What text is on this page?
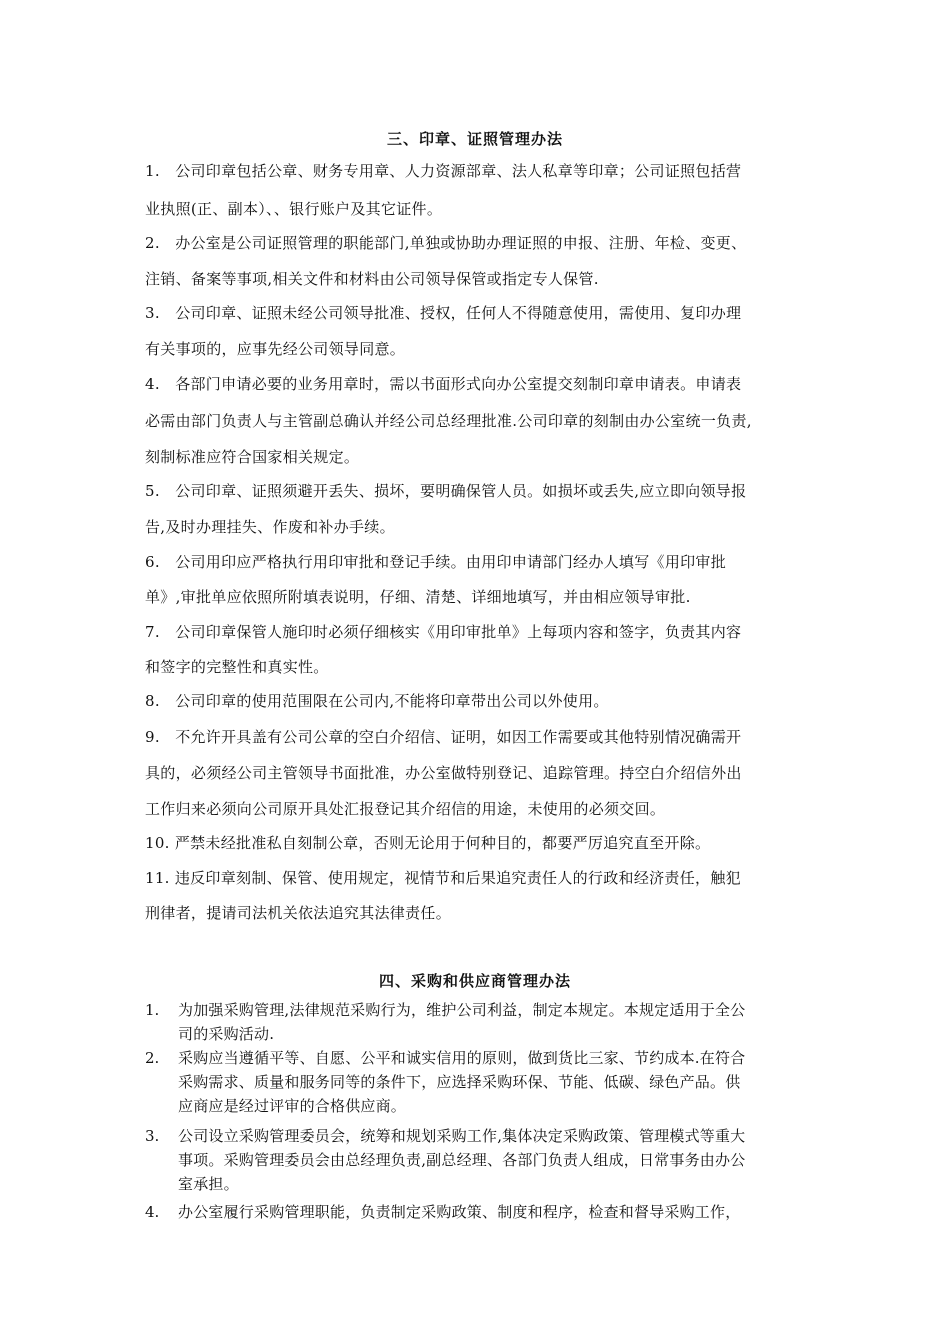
三、印章、证照管理办法
1.　公司印章包括公章、财务专用章、人力资源部章、法人私章等印章；公司证照包括营
业执照(正、副本）、、银行账户及其它证件。
2.　办公室是公司证照管理的职能部门,单独或协助办理证照的申报、注册、年检、变更、
注销、备案等事项,相关文件和材料由公司领导保管或指定专人保管.
3.　公司印章、证照未经公司领导批准、授权，任何人不得随意使用，需使用、复印办理
有关事项的，应事先经公司领导同意。
4.　各部门申请必要的业务用章时，需以书面形式向办公室提交刻制印章申请表。申请表
必需由部门负责人与主管副总确认并经公司总经理批准.公司印章的刻制由办公室统一负责,
刻制标准应符合国家相关规定。
5.　公司印章、证照须避开丢失、损坏，要明确保管人员。如损坏或丢失,应立即向领导报
告,及时办理挂失、作废和补办手续。
6.　公司用印应严格执行用印审批和登记手续。由用印申请部门经办人填写《用印审批
单》,审批单应依照所附填表说明，仔细、清楚、详细地填写，并由相应领导审批.
7.　公司印章保管人施印时必须仔细核实《用印审批单》上每项内容和签字，负责其内容
和签字的完整性和真实性。
8.　公司印章的使用范围限在公司内,不能将印章带出公司以外使用。
9.　不允许开具盖有公司公章的空白介绍信、证明，如因工作需要或其他特别情况确需开
具的，必须经公司主管领导书面批准，办公室做特别登记、追踪管理。持空白介绍信外出
工作归来必须向公司原开具处汇报登记其介绍信的用途，未使用的必须交回。
10. 严禁未经批准私自刻制公章，否则无论用于何种目的，都要严厉追究直至开除。
11. 违反印章刻制、保管、使用规定，视情节和后果追究责任人的行政和经济责任，触犯
刑律者，提请司法机关依法追究其法律责任。
四、采购和供应商管理办法
1. 为加强采购管理,法律规范采购行为，维护公司利益，制定本规定。本规定适用于全公
司的采购活动.
2. 采购应当遵循平等、自愿、公平和诚实信用的原则，做到货比三家、节约成本.在符合
采购需求、质量和服务同等的条件下，应选择采购环保、节能、低碳、绿色产品。供
应商应是经过评审的合格供应商。
3. 公司设立采购管理委员会，统筹和规划采购工作,集体决定采购政策、管理模式等重大
事项。采购管理委员会由总经理负责,副总经理、各部门负责人组成，日常事务由办公
室承担。
4. 办公室履行采购管理职能，负责制定采购政策、制度和程序，检查和督导采购工作，
